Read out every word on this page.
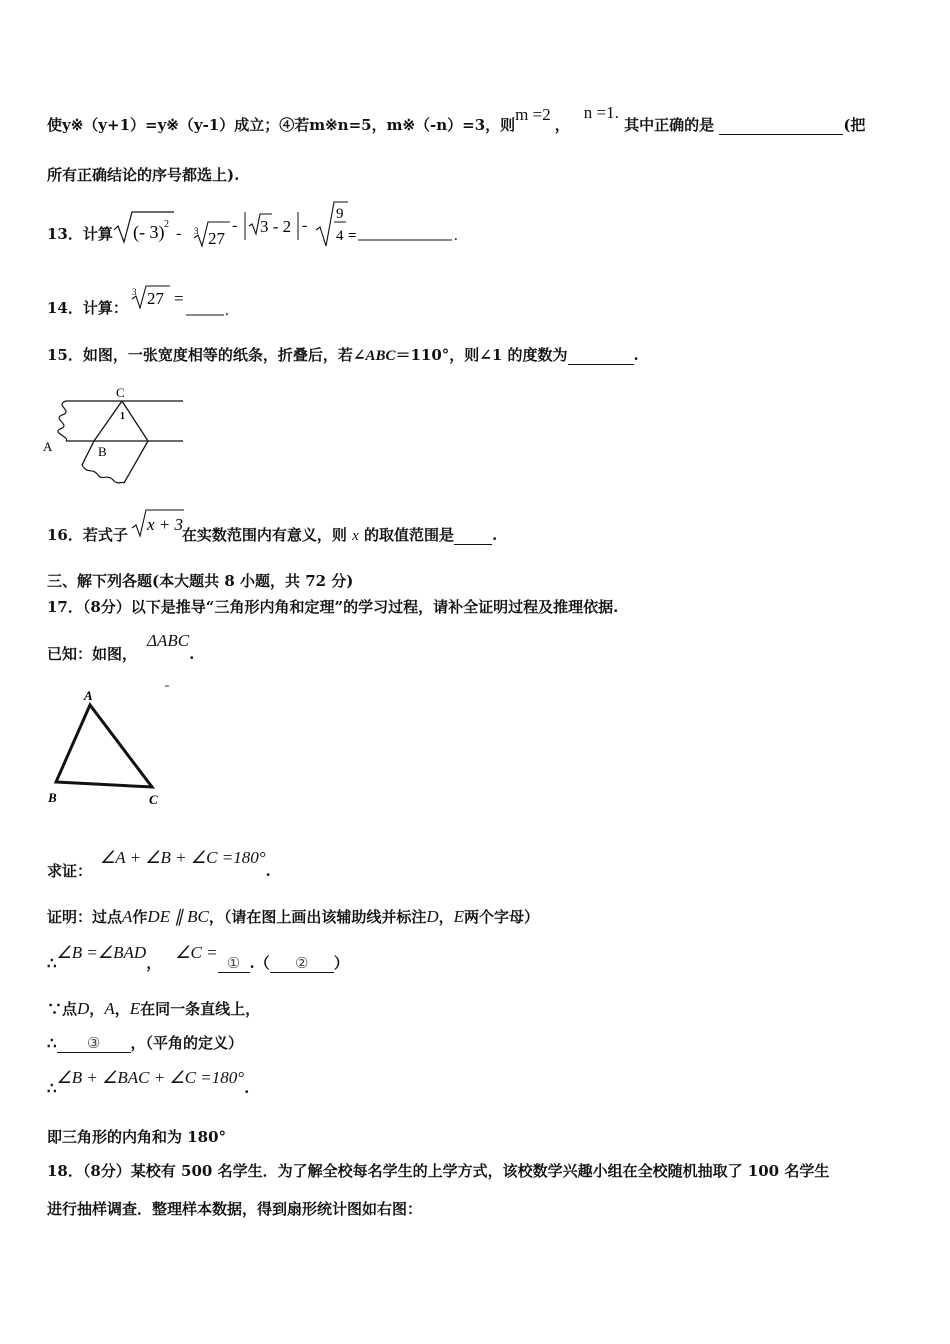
使y※（y+1）=y※（y-1）成立；④若m※n=5，m※（-n）=3，则m =2，n =1. 其中正确的是	(把
所有正确结论的序号都选上).
13．计算 (- 3) 2
- 3 27
- 3 - 2 -
9
4 =	.
14．计算：
3 27 =
.
15．如图，一张宽度相等的纸条，折叠后，若∠ABC＝110°，则∠1 的度数为	.
C
1
A	B
16．若式子	在实数范围内有意义，则 x 的取值范围是	.
x + 3
三、解下列各题(本大题共 8 小题，共 72 分)
17．（8分）以下是推导“三角形内角和定理”的学习过程，请补全证明过程及推理依据.
已知：如图，ΔABC.
A
B	C
求证：∠A + ∠B + ∠C =180°.
证明：过点A作DE ∥ BC，（请在图上画出该辅助线并标注D，E两个字母）
∴∠B =∠BAD，∠C =① .（ ② ）
∵点D，A，E在同一条直线上，
∴ ③ ，（平角的定义）
∴∠B + ∠BAC + ∠C =180°.
即三角形的内角和为 180°
18．（8分）某校有 500 名学生．为了解全校每名学生的上学方式，该校数学兴趣小组在全校随机抽取了 100 名学生
进行抽样调查．整理样本数据，得到扇形统计图如右图：
